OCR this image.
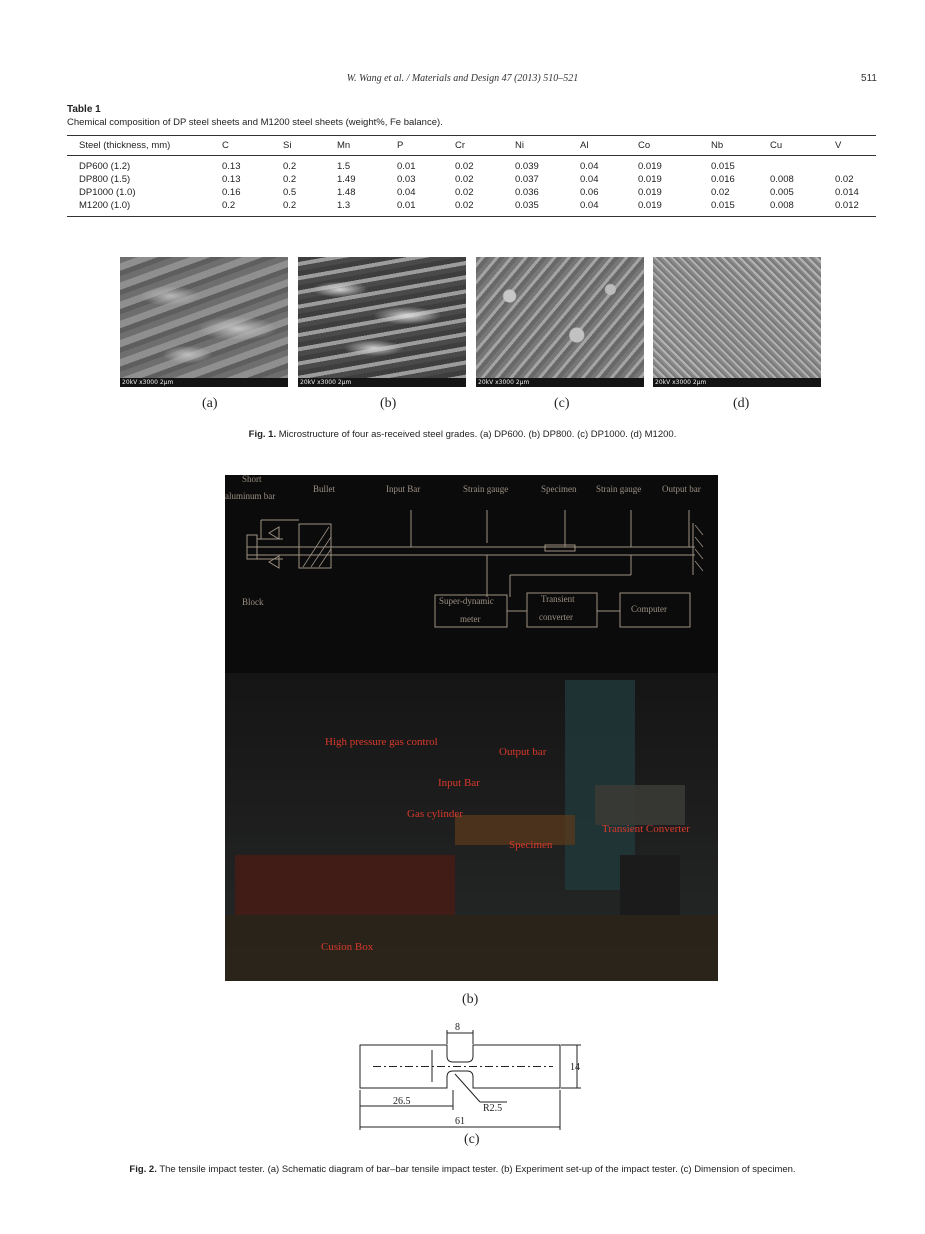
W. Wang et al. / Materials and Design 47 (2013) 510–521	511
Table 1
Chemical composition of DP steel sheets and M1200 steel sheets (weight%, Fe balance).
Steel (thickness, mm)	C	Si	Mn	P	Cr	Ni	Al	Co	Nb	Cu	V

DP600 (1.2)	0.13	0.2	1.5	0.01	0.02	0.039	0.04	0.019	0.015		
DP800 (1.5)	0.13	0.2	1.49	0.03	0.02	0.037	0.04	0.019	0.016	0.008	0.02
DP1000 (1.0)	0.16	0.5	1.48	0.04	0.02	0.036	0.06	0.019	0.02	0.005	0.014
M1200 (1.0)	0.2	0.2	1.3	0.01	0.02	0.035	0.04	0.019	0.015	0.008	0.012
20kV x3000 2µm	20kV x3000 2µm	20kV x3000 2µm	20kV x3000 2µm
(a)	(b)	(c)	(d)
Fig. 1. Microstructure of four as-received steel grades. (a) DP600. (b) DP800. (c) DP1000. (d) M1200.
Short
aluminum bar
Bullet	Input Bar	Strain gauge	Specimen Strain gauge Output bar
Block	Super-dynamic
meter
Transient
converter
Computer
High pressure gas control
Output bar
Input Bar
Gas cylinder
Specimen
Transient Converter
Cusion Box
(b)
8
14
26.5
R2.5
61
(c)
Fig. 2. The tensile impact tester. (a) Schematic diagram of bar–bar tensile impact tester. (b) Experiment set-up of the impact tester. (c) Dimension of specimen.
